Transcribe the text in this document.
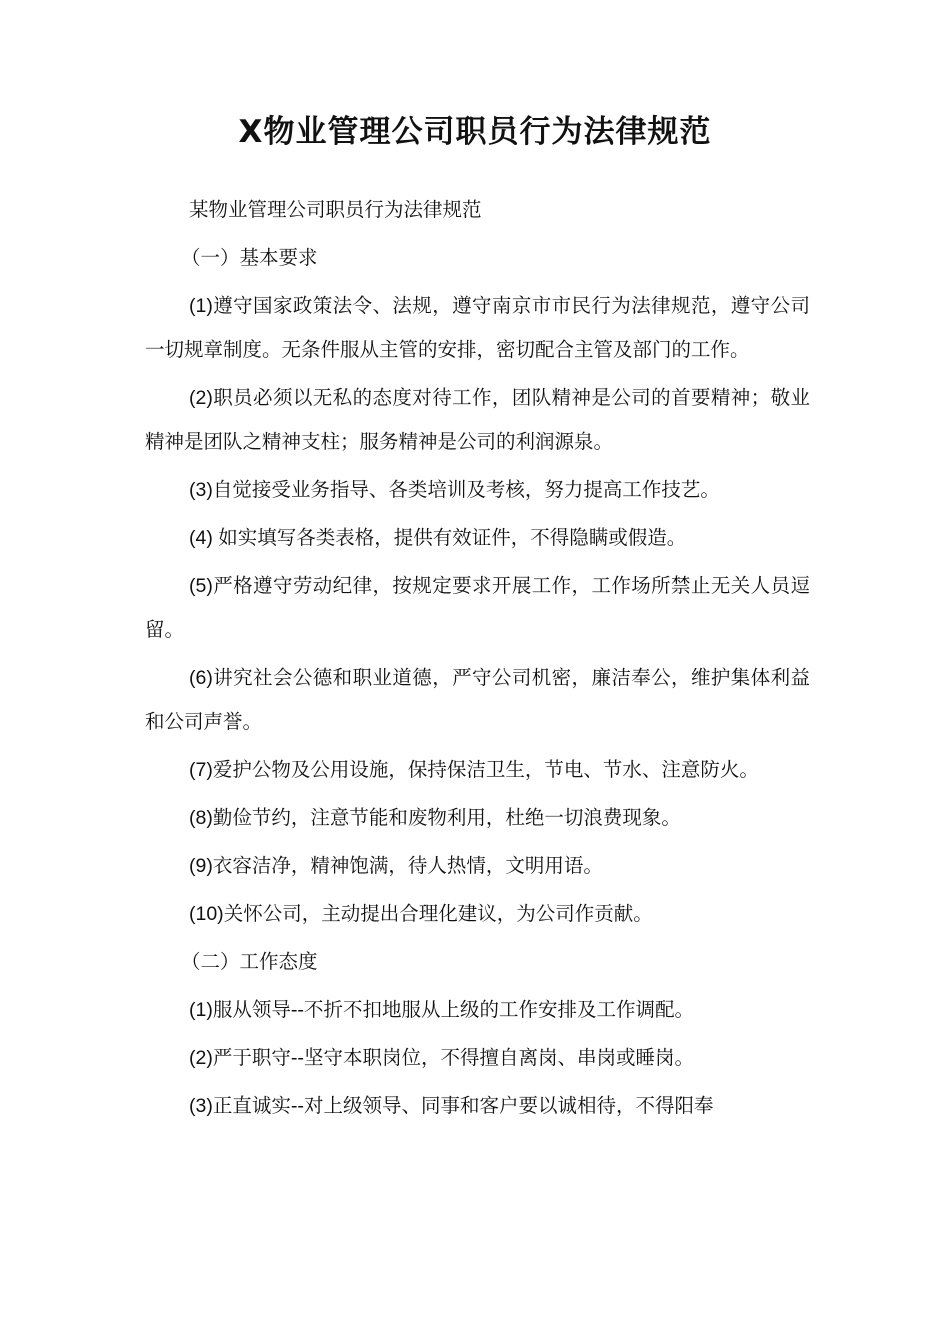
X物业管理公司职员行为法律规范

某物业管理公司职员行为法律规范

（一）基本要求

(1)遵守国家政策法令、法规，遵守南京市市民行为法律规范，遵守公司一切规章制度。无条件服从主管的安排，密切配合主管及部门的工作。

(2)职员必须以无私的态度对待工作，团队精神是公司的首要精神；敬业精神是团队之精神支柱；服务精神是公司的利润源泉。

(3)自觉接受业务指导、各类培训及考核，努力提高工作技艺。

(4) 如实填写各类表格，提供有效证件，不得隐瞒或假造。

(5)严格遵守劳动纪律，按规定要求开展工作，工作场所禁止无关人员逗留。

(6)讲究社会公德和职业道德，严守公司机密，廉洁奉公，维护集体利益和公司声誉。

(7)爱护公物及公用设施，保持保洁卫生，节电、节水、注意防火。

(8)勤俭节约，注意节能和废物利用，杜绝一切浪费现象。

(9)衣容洁净，精神饱满，待人热情，文明用语。

(10)关怀公司，主动提出合理化建议，为公司作贡献。

（二）工作态度

(1)服从领导--不折不扣地服从上级的工作安排及工作调配。

(2)严于职守--坚守本职岗位，不得擅自离岗、串岗或睡岗。

(3)正直诚实--对上级领导、同事和客户要以诚相待，不得阳奉
